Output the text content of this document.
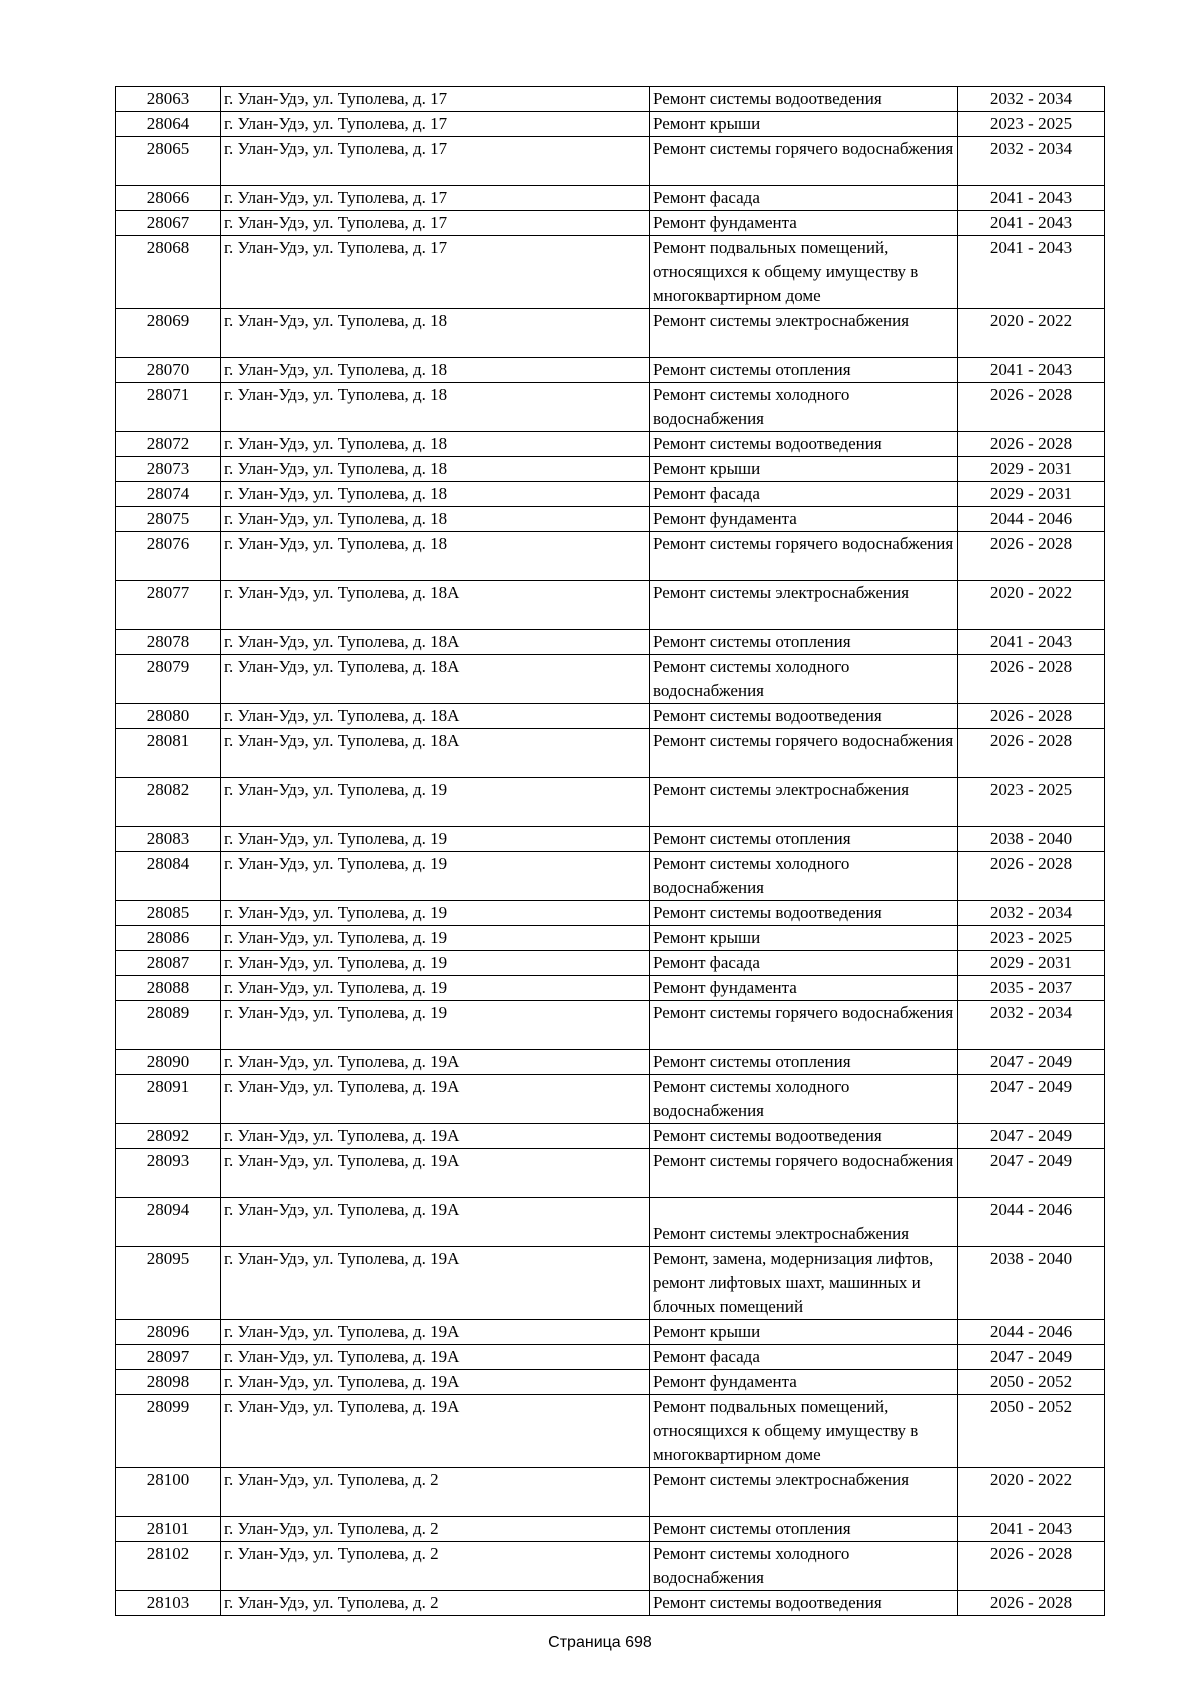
28063	г. Улан-Удэ, ул. Туполева, д. 17	Ремонт системы водоотведения	2032 - 2034
28064	г. Улан-Удэ, ул. Туполева, д. 17	Ремонт крыши	2023 - 2025
28065	г. Улан-Удэ, ул. Туполева, д. 17	Ремонт системы горячего водоснабжения	2032 - 2034
28066	г. Улан-Удэ, ул. Туполева, д. 17	Ремонт фасада	2041 - 2043
28067	г. Улан-Удэ, ул. Туполева, д. 17	Ремонт фундамента	2041 - 2043
28068	г. Улан-Удэ, ул. Туполева, д. 17	Ремонт подвальных помещений, относящихся к общему имуществу в многоквартирном доме	2041 - 2043
28069	г. Улан-Удэ, ул. Туполева, д. 18	Ремонт системы электроснабжения	2020 - 2022
28070	г. Улан-Удэ, ул. Туполева, д. 18	Ремонт системы отопления	2041 - 2043
28071	г. Улан-Удэ, ул. Туполева, д. 18	Ремонт системы холодного водоснабжения	2026 - 2028
28072	г. Улан-Удэ, ул. Туполева, д. 18	Ремонт системы водоотведения	2026 - 2028
28073	г. Улан-Удэ, ул. Туполева, д. 18	Ремонт крыши	2029 - 2031
28074	г. Улан-Удэ, ул. Туполева, д. 18	Ремонт фасада	2029 - 2031
28075	г. Улан-Удэ, ул. Туполева, д. 18	Ремонт фундамента	2044 - 2046
28076	г. Улан-Удэ, ул. Туполева, д. 18	Ремонт системы горячего водоснабжения	2026 - 2028
28077	г. Улан-Удэ, ул. Туполева, д. 18А	Ремонт системы электроснабжения	2020 - 2022
28078	г. Улан-Удэ, ул. Туполева, д. 18А	Ремонт системы отопления	2041 - 2043
28079	г. Улан-Удэ, ул. Туполева, д. 18А	Ремонт системы холодного водоснабжения	2026 - 2028
28080	г. Улан-Удэ, ул. Туполева, д. 18А	Ремонт системы водоотведения	2026 - 2028
28081	г. Улан-Удэ, ул. Туполева, д. 18А	Ремонт системы горячего водоснабжения	2026 - 2028
28082	г. Улан-Удэ, ул. Туполева, д. 19	Ремонт системы электроснабжения	2023 - 2025
28083	г. Улан-Удэ, ул. Туполева, д. 19	Ремонт системы отопления	2038 - 2040
28084	г. Улан-Удэ, ул. Туполева, д. 19	Ремонт системы холодного водоснабжения	2026 - 2028
28085	г. Улан-Удэ, ул. Туполева, д. 19	Ремонт системы водоотведения	2032 - 2034
28086	г. Улан-Удэ, ул. Туполева, д. 19	Ремонт крыши	2023 - 2025
28087	г. Улан-Удэ, ул. Туполева, д. 19	Ремонт фасада	2029 - 2031
28088	г. Улан-Удэ, ул. Туполева, д. 19	Ремонт фундамента	2035 - 2037
28089	г. Улан-Удэ, ул. Туполева, д. 19	Ремонт системы горячего водоснабжения	2032 - 2034
28090	г. Улан-Удэ, ул. Туполева, д. 19А	Ремонт системы отопления	2047 - 2049
28091	г. Улан-Удэ, ул. Туполева, д. 19А	Ремонт системы холодного водоснабжения	2047 - 2049
28092	г. Улан-Удэ, ул. Туполева, д. 19А	Ремонт системы водоотведения	2047 - 2049
28093	г. Улан-Удэ, ул. Туполева, д. 19А	Ремонт системы горячего водоснабжения	2047 - 2049
28094	г. Улан-Удэ, ул. Туполева, д. 19А	Ремонт системы электроснабжения	2044 - 2046
28095	г. Улан-Удэ, ул. Туполева, д. 19А	Ремонт, замена, модернизация лифтов, ремонт лифтовых шахт, машинных и блочных помещений	2038 - 2040
28096	г. Улан-Удэ, ул. Туполева, д. 19А	Ремонт крыши	2044 - 2046
28097	г. Улан-Удэ, ул. Туполева, д. 19А	Ремонт фасада	2047 - 2049
28098	г. Улан-Удэ, ул. Туполева, д. 19А	Ремонт фундамента	2050 - 2052
28099	г. Улан-Удэ, ул. Туполева, д. 19А	Ремонт подвальных помещений, относящихся к общему имуществу в многоквартирном доме	2050 - 2052
28100	г. Улан-Удэ, ул. Туполева, д. 2	Ремонт системы электроснабжения	2020 - 2022
28101	г. Улан-Удэ, ул. Туполева, д. 2	Ремонт системы отопления	2041 - 2043
28102	г. Улан-Удэ, ул. Туполева, д. 2	Ремонт системы холодного водоснабжения	2026 - 2028
28103	г. Улан-Удэ, ул. Туполева, д. 2	Ремонт системы водоотведения	2026 - 2028
Страница 698
